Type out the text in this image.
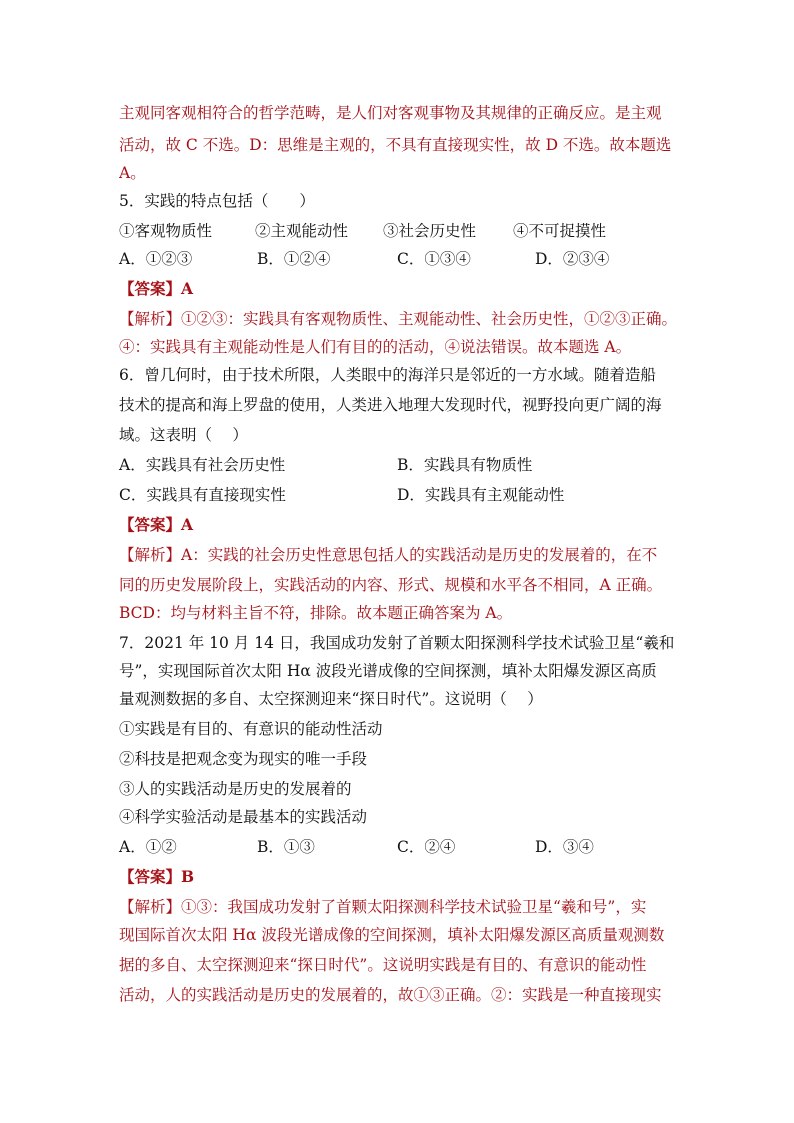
主观同客观相符合的哲学范畴，是人们对客观事物及其规律的正确反应。是主观
活动，故 C 不选。D：思维是主观的，不具有直接现实性，故 D 不选。故本题选
A。
5．实践的特点包括（　　）
①客观物质性	②主观能动性 ③社会历史性 ④不可捉摸性
A．①②③	B．①②④	C．①③④	D．②③④
【答案】A
【解析】①②③：实践具有客观物质性、主观能动性、社会历史性，①②③正确。
④：实践具有主观能动性是人们有目的的活动，④说法错误。故本题选 A。
6．曾几何时，由于技术所限，人类眼中的海洋只是邻近的一方水域。随着造船
技术的提高和海上罗盘的使用，人类进入地理大发现时代，视野投向更广阔的海
域。这表明（　 ）
A．实践具有社会历史性	B．实践具有物质性
C．实践具有直接现实性	D．实践具有主观能动性
【答案】A
【解析】A：实践的社会历史性意思包括人的实践活动是历史的发展着的，在不
同的历史发展阶段上，实践活动的内容、形式、规模和水平各不相同，A 正确。
BCD：均与材料主旨不符，排除。故本题正确答案为 A。
7．2021 年 10 月 14 日，我国成功发射了首颗太阳探测科学技术试验卫星“羲和
号”，实现国际首次太阳 Hα 波段光谱成像的空间探测，填补太阳爆发源区高质
量观测数据的多自、太空探测迎来“探日时代”。这说明（　 ）
①实践是有目的、有意识的能动性活动
②科技是把观念变为现实的唯一手段
③人的实践活动是历史的发展着的
④科学实验活动是最基本的实践活动
A．①②	B．①③	C．②④	D．③④
【答案】B
【解析】①③：我国成功发射了首颗太阳探测科学技术试验卫星“羲和号”，实
现国际首次太阳 Hα 波段光谱成像的空间探测，填补太阳爆发源区高质量观测数
据的多自、太空探测迎来“探日时代”。这说明实践是有目的、有意识的能动性
活动，人的实践活动是历史的发展着的，故①③正确。②：实践是一种直接现实
